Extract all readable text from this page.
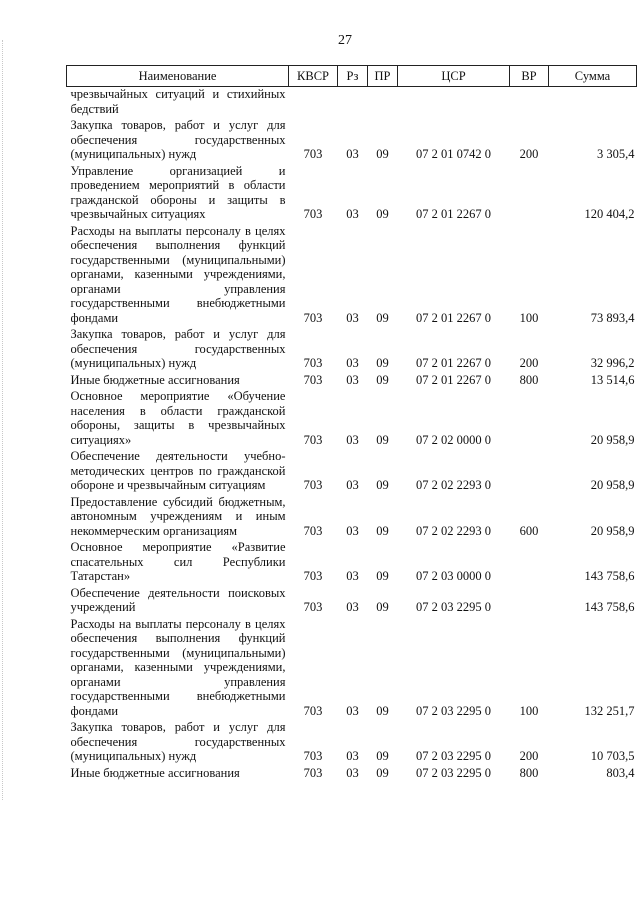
27
Наименование	КВСР	Рз	ПР	ЦСР	ВР	Сумма
чрезвычайных ситуаций и стихийных бедствий						
Закупка товаров, работ и услуг для обеспечения государственных (муниципальных) нужд	703	03	09	07 2 01 0742 0	200	3 305,4
Управление организацией и проведением мероприятий в области гражданской обороны и защиты в чрезвычайных ситуациях	703	03	09	07 2 01 2267 0		120 404,2
Расходы на выплаты персоналу в целях обеспечения выполнения функций государственными (муниципальными) органами, казенными учреждениями, органами управления государственными внебюджетными фондами	703	03	09	07 2 01 2267 0	100	73 893,4
Закупка товаров, работ и услуг для обеспечения государственных (муниципальных) нужд	703	03	09	07 2 01 2267 0	200	32 996,2
Иные бюджетные ассигнования	703	03	09	07 2 01 2267 0	800	13 514,6
Основное мероприятие «Обучение населения в области гражданской обороны, защиты в чрезвычайных ситуациях»	703	03	09	07 2 02 0000 0		20 958,9
Обеспечение деятельности учебно-методических центров по гражданской обороне и чрезвычайным ситуациям	703	03	09	07 2 02 2293 0		20 958,9
Предоставление субсидий бюджетным, автономным учреждениям и иным некоммерческим организациям	703	03	09	07 2 02 2293 0	600	20 958,9
Основное мероприятие «Развитие спасательных сил Республики Татарстан»	703	03	09	07 2 03 0000 0		143 758,6
Обеспечение деятельности поисковых учреждений	703	03	09	07 2 03 2295 0		143 758,6
Расходы на выплаты персоналу в целях обеспечения выполнения функций государственными (муниципальными) органами, казенными учреждениями, органами управления государственными внебюджетными фондами	703	03	09	07 2 03 2295 0	100	132 251,7
Закупка товаров, работ и услуг для обеспечения государственных (муниципальных) нужд	703	03	09	07 2 03 2295 0	200	10 703,5
Иные бюджетные ассигнования	703	03	09	07 2 03 2295 0	800	803,4
